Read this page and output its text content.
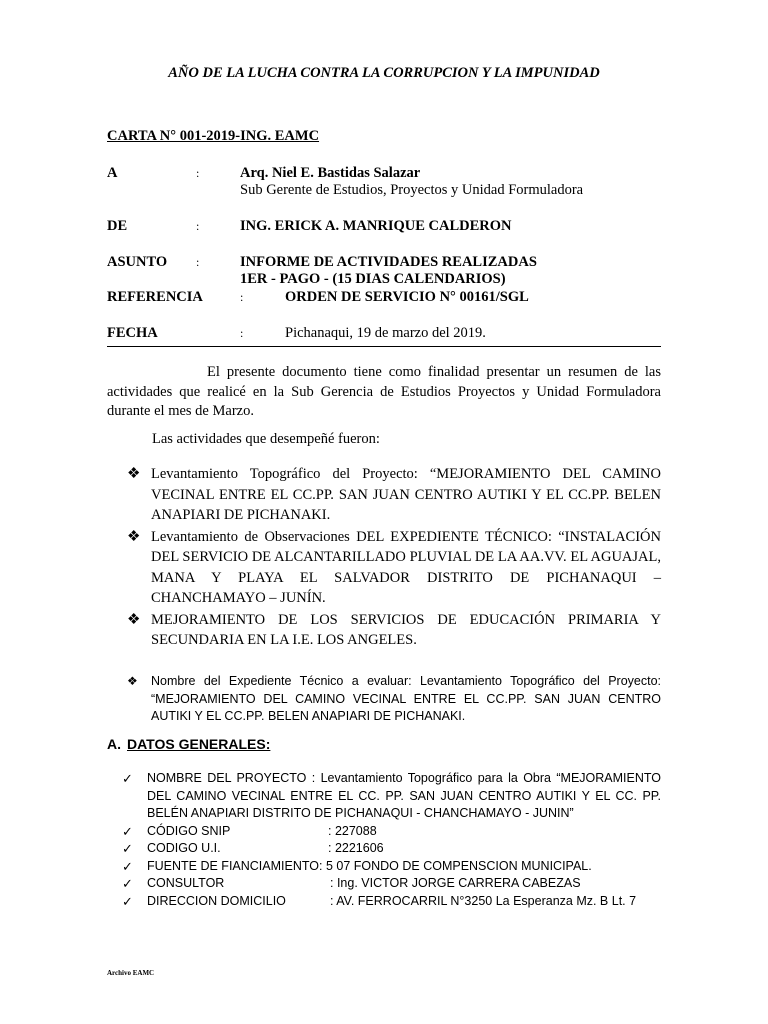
AÑO DE LA LUCHA CONTRA LA CORRUPCION Y LA IMPUNIDAD
CARTA N° 001-2019-ING. EAMC
A	:	Arq. Niel E. Bastidas Salazar
Sub Gerente de Estudios, Proyectos y Unidad Formuladora
DE	:	ING. ERICK A. MANRIQUE CALDERON
ASUNTO :	INFORME DE ACTIVIDADES REALIZADAS
1ER - PAGO - (15 DIAS CALENDARIOS)
REFERENCIA	:	ORDEN DE SERVICIO N° 00161/SGL
FECHA	:	Pichanaqui, 19 de marzo del 2019.

El presente documento tiene como finalidad presentar un resumen de las actividades que realicé en la Sub Gerencia de Estudios Proyectos y Unidad Formuladora durante el mes de Marzo.

Las actividades que desempeñé fueron:
❖ Levantamiento Topográfico del Proyecto: “MEJORAMIENTO DEL CAMINO VECINAL ENTRE EL CC.PP. SAN JUAN CENTRO AUTIKI Y EL CC.PP. BELEN ANAPIARI DE PICHANAKI.
❖ Levantamiento de Observaciones DEL EXPEDIENTE TÉCNICO: “INSTALACIÓN DEL SERVICIO DE ALCANTARILLADO PLUVIAL DE LA AA.VV. EL AGUAJAL, MANA Y PLAYA EL SALVADOR DISTRITO DE PICHANAQUI – CHANCHAMAYO – JUNÍN.
❖ MEJORAMIENTO DE LOS SERVICIOS DE EDUCACIÓN PRIMARIA Y SECUNDARIA EN LA I.E. LOS ANGELES.
❖ Nombre del Expediente Técnico a evaluar: Levantamiento Topográfico del Proyecto: “MEJORAMIENTO DEL CAMINO VECINAL ENTRE EL CC.PP. SAN JUAN CENTRO AUTIKI Y EL CC.PP. BELEN ANAPIARI DE PICHANAKI.
A. DATOS GENERALES:
✓ NOMBRE DEL PROYECTO : Levantamiento Topográfico para la Obra “MEJORAMIENTO DEL CAMINO VECINAL ENTRE EL CC. PP. SAN JUAN CENTRO AUTIKI Y EL CC. PP. BELÉN ANAPIARI DISTRITO DE PICHANAQUI - CHANCHAMAYO - JUNIN”
✓ CÓDIGO SNIP	: 227088
✓ CODIGO U.I.	: 2221606
✓ FUENTE DE FIANCIAMIENTO: 5 07 FONDO DE COMPENSCION MUNICIPAL.
✓ CONSULTOR	: Ing. VICTOR JORGE CARRERA CABEZAS
✓ DIRECCION DOMICILIO	: AV. FERROCARRIL N°3250 La Esperanza Mz. B Lt. 7
Archivo EAMC
